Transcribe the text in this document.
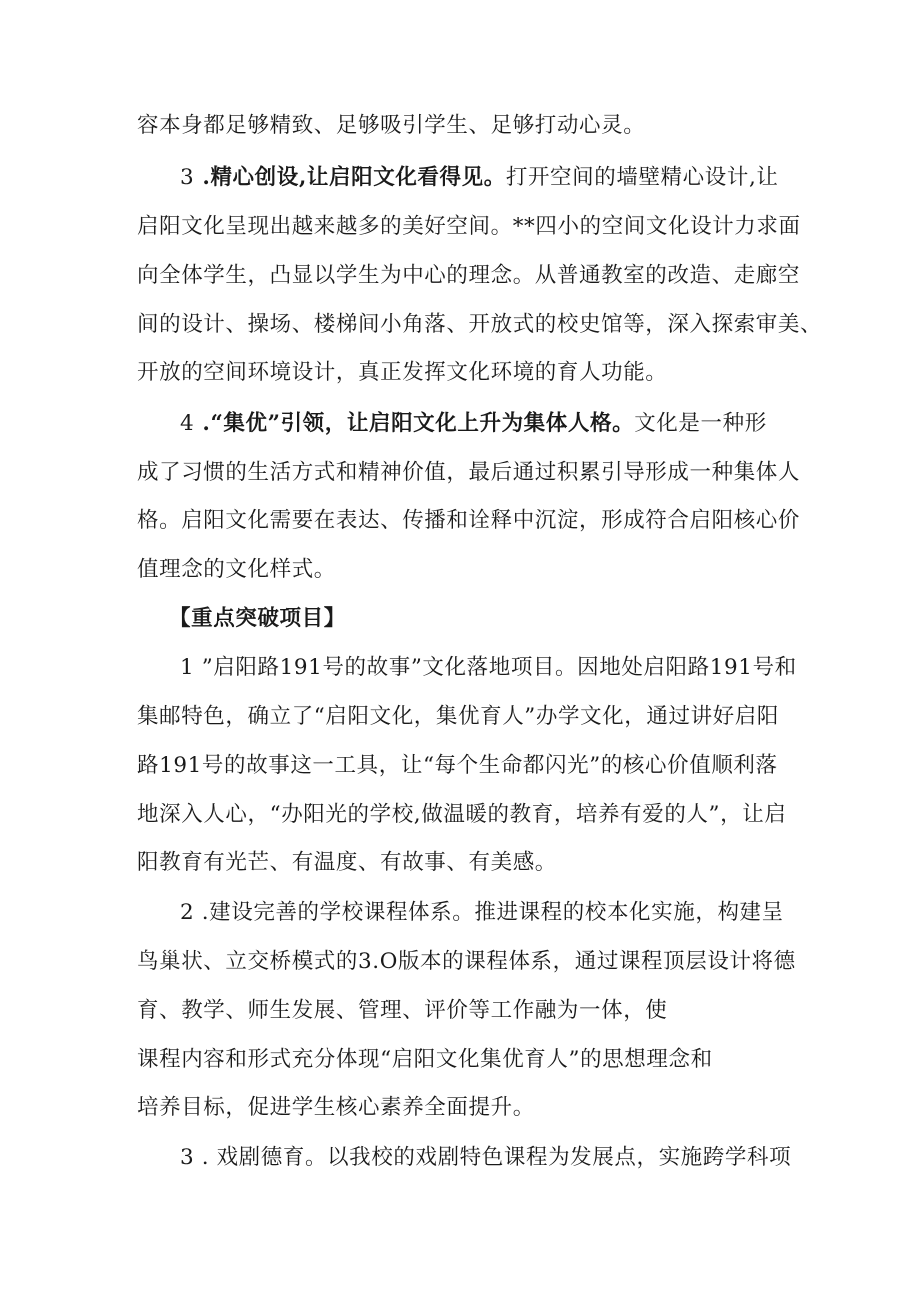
容本身都足够精致、足够吸引学生、足够打动心灵。
3 .精心创设,让启阳文化看得见。打开空间的墙壁精心设计,让
启阳文化呈现出越来越多的美好空间。**四小的空间文化设计力求面
向全体学生，凸显以学生为中心的理念。从普通教室的改造、走廊空
间的设计、操场、楼梯间小角落、开放式的校史馆等，深入探索审美、
开放的空间环境设计，真正发挥文化环境的育人功能。
4 .“集优”引领，让启阳文化上升为集体人格。文化是一种形
成了习惯的生活方式和精神价值，最后通过积累引导形成一种集体人
格。启阳文化需要在表达、传播和诠释中沉淀，形成符合启阳核心价
值理念的文化样式。
【重点突破项目】
1 ”启阳路191号的故事”文化落地项目。因地处启阳路191号和
集邮特色，确立了“启阳文化，集优育人”办学文化，通过讲好启阳
路191号的故事这一工具，让“每个生命都闪光”的核心价值顺利落
地深入人心，“办阳光的学校,做温暖的教育，培养有爱的人”，让启
阳教育有光芒、有温度、有故事、有美感。
2 .建设完善的学校课程体系。推进课程的校本化实施，构建呈
鸟巢状、立交桥模式的3.O版本的课程体系，通过课程顶层设计将德
育、教学、师生发展、管理、评价等工作融为一体，使
课程内容和形式充分体现“启阳文化集优育人”的思想理念和
培养目标，促进学生核心素养全面提升。
3 . 戏剧德育。以我校的戏剧特色课程为发展点，实施跨学科项
